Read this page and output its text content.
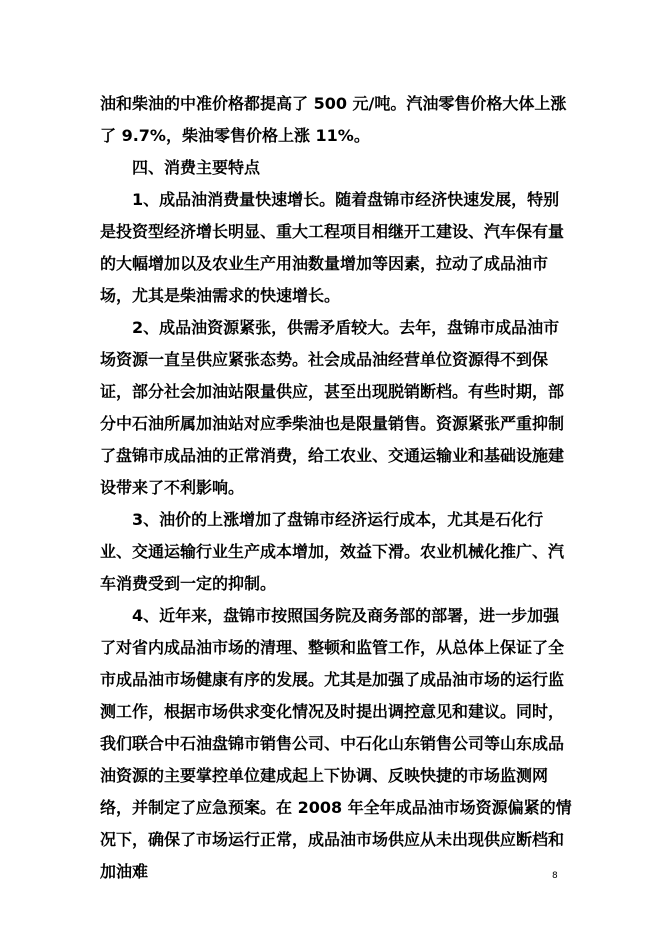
油和柴油的中准价格都提高了 500 元/吨。汽油零售价格大体上涨了 9.7%，柴油零售价格上涨 11%。

四、消费主要特点

1、成品油消费量快速增长。随着盘锦市经济快速发展，特别是投资型经济增长明显、重大工程项目相继开工建设、汽车保有量的大幅增加以及农业生产用油数量增加等因素，拉动了成品油市场，尤其是柴油需求的快速增长。

2、成品油资源紧张，供需矛盾较大。去年，盘锦市成品油市场资源一直呈供应紧张态势。社会成品油经营单位资源得不到保证，部分社会加油站限量供应，甚至出现脱销断档。有些时期，部分中石油所属加油站对应季柴油也是限量销售。资源紧张严重抑制了盘锦市成品油的正常消费，给工农业、交通运输业和基础设施建设带来了不利影响。

3、油价的上涨增加了盘锦市经济运行成本，尤其是石化行业、交通运输行业生产成本增加，效益下滑。农业机械化推广、汽车消费受到一定的抑制。

4、近年来，盘锦市按照国务院及商务部的部署，进一步加强了对省内成品油市场的清理、整顿和监管工作，从总体上保证了全市成品油市场健康有序的发展。尤其是加强了成品油市场的运行监测工作，根据市场供求变化情况及时提出调控意见和建议。同时，我们联合中石油盘锦市销售公司、中石化山东销售公司等山东成品油资源的主要掌控单位建成起上下协调、反映快捷的市场监测网络，并制定了应急预案。在 2008 年全年成品油市场资源偏紧的情况下，确保了市场运行正常，成品油市场供应从未出现供应断档和加油难	8
